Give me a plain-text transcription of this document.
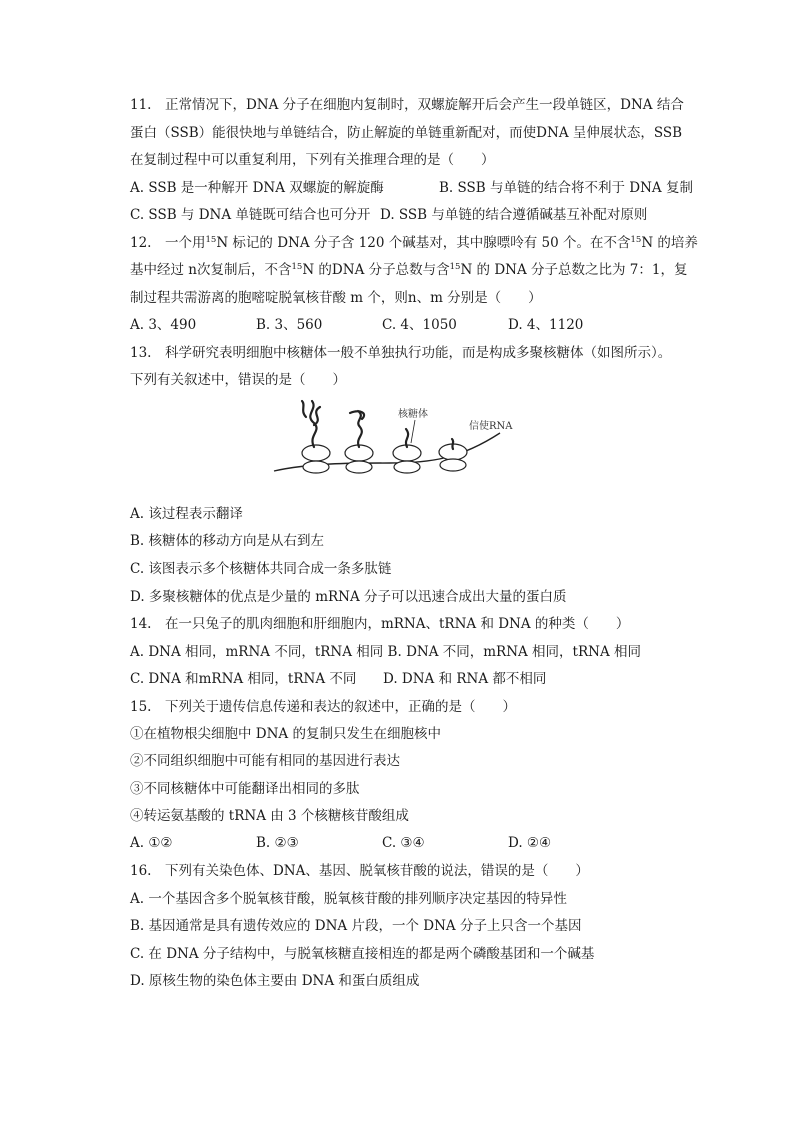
11.　正常情况下，DNA 分子在细胞内复制时，双螺旋解开后会产生一段单链区，DNA 结合
蛋白（SSB）能很快地与单链结合，防止解旋的单链重新配对，而使DNA 呈伸展状态，SSB
在复制过程中可以重复利用，下列有关推理合理的是（　　）
A. SSB 是一种解开 DNA 双螺旋的解旋酶	B. SSB 与单链的结合将不利于 DNA 复制
C. SSB 与 DNA 单链既可结合也可分开 D. SSB 与单链的结合遵循碱基互补配对原则
12.　一个用$^{15}$N 标记的 DNA 分子含 120 个碱基对，其中腺嘌呤有 50 个。在不含$^{15}$N 的培养
基中经过 n次复制后，不含$^{15}$N 的DNA 分子总数与含$^{15}$N 的 DNA 分子总数之比为 7：1，复
制过程共需游离的胞嘧啶脱氧核苷酸 m 个，则n、m 分别是（　　）
A. 3、490	B. 3、560	C. 4、1050	D. 4、1120
13.　科学研究表明细胞中核糖体一般不单独执行功能，而是构成多聚核糖体（如图所示）。
下列有关叙述中，错误的是（　　）
核糖体
信使RNA
A. 该过程表示翻译
B. 核糖体的移动方向是从右到左
C. 该图表示多个核糖体共同合成一条多肽链
D. 多聚核糖体的优点是少量的 mRNA 分子可以迅速合成出大量的蛋白质
14.　在一只兔子的肌肉细胞和肝细胞内，mRNA、tRNA 和 DNA 的种类（　　）
A. DNA 相同，mRNA 不同，tRNA 相同 B. DNA 不同，mRNA 相同，tRNA 相同
C. DNA 和mRNA 相同，tRNA 不同 D. DNA 和 RNA 都不相同
15.　下列关于遗传信息传递和表达的叙述中，正确的是（　　）
①在植物根尖细胞中 DNA 的复制只发生在细胞核中
②不同组织细胞中可能有相同的基因进行表达
③不同核糖体中可能翻译出相同的多肽
④转运氨基酸的 tRNA 由 3 个核糖核苷酸组成
A. ①②	B. ②③	C. ③④	D. ②④
16.　下列有关染色体、DNA、基因、脱氧核苷酸的说法，错误的是（　　）
A. 一个基因含多个脱氧核苷酸，脱氧核苷酸的排列顺序决定基因的特异性
B. 基因通常是具有遗传效应的 DNA 片段，一个 DNA 分子上只含一个基因
C. 在 DNA 分子结构中，与脱氧核糖直接相连的都是两个磷酸基团和一个碱基
D. 原核生物的染色体主要由 DNA 和蛋白质组成
